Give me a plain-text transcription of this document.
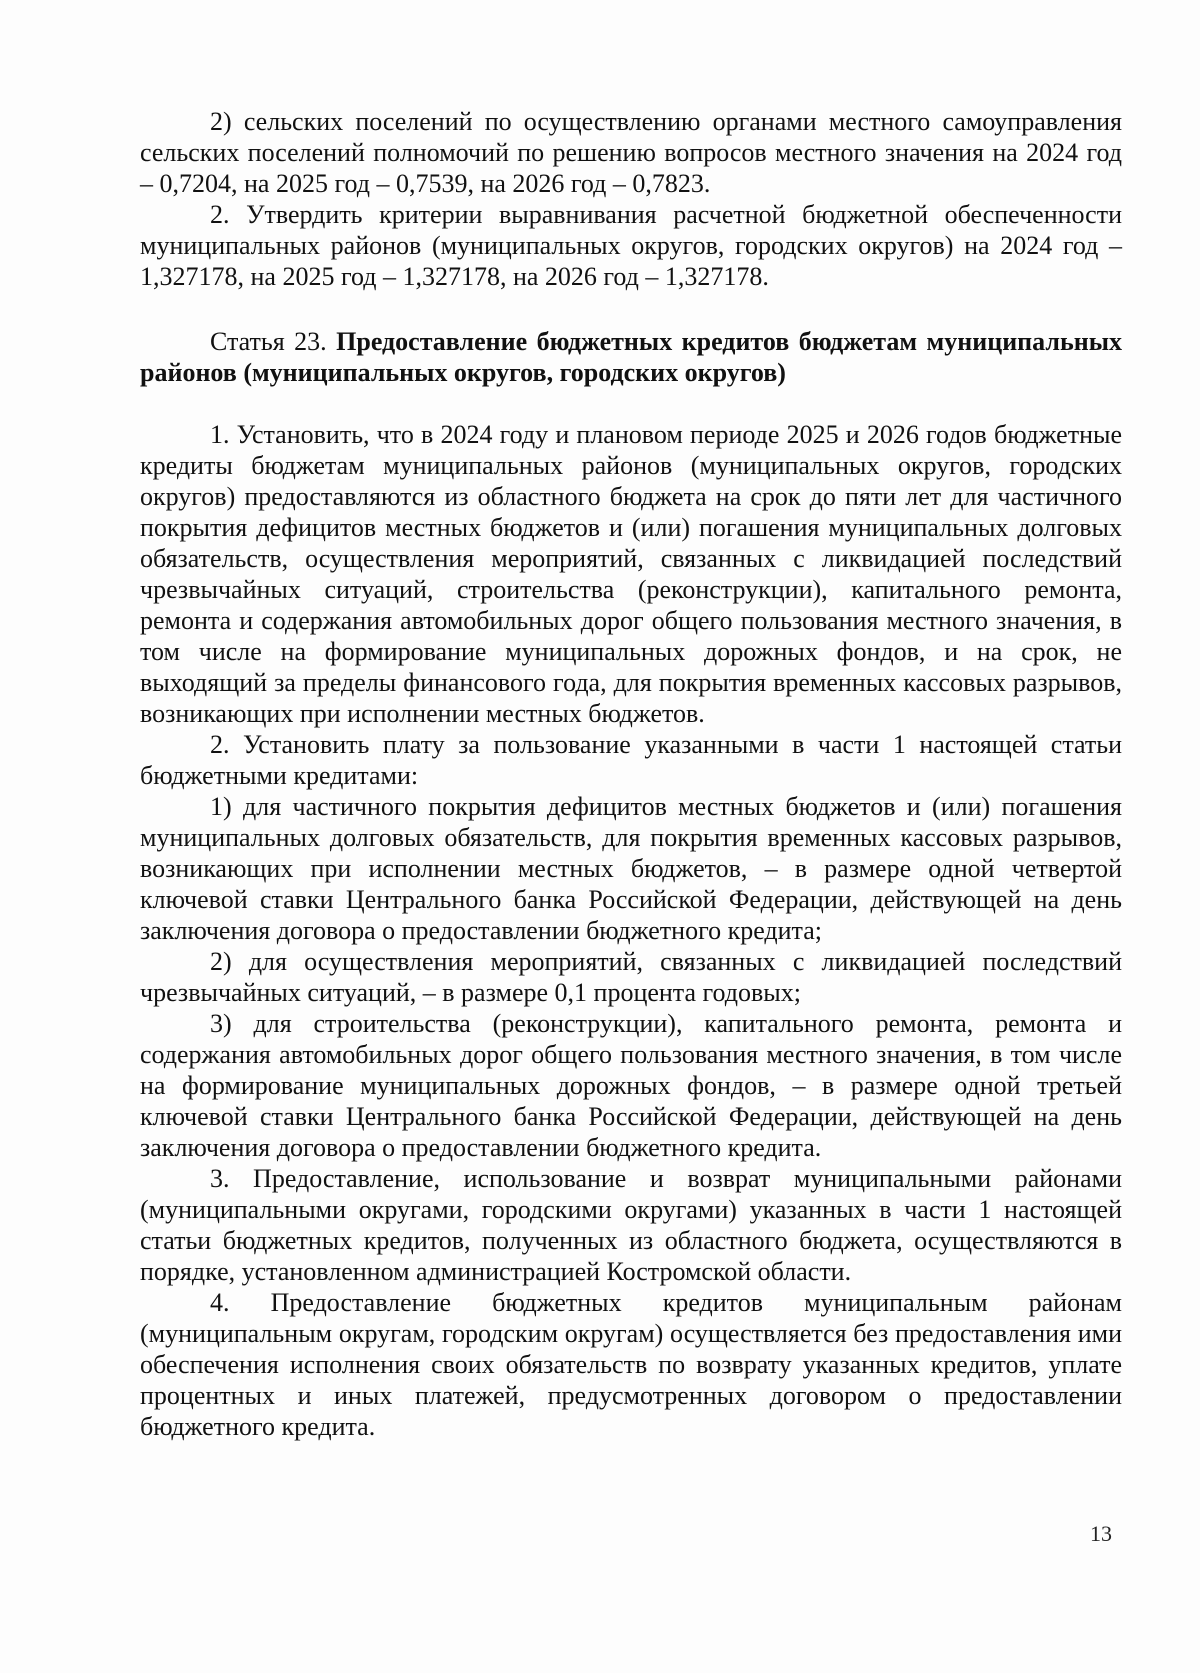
2) сельских поселений по осуществлению органами местного самоуправления сельских поселений полномочий по решению вопросов местного значения на 2024 год – 0,7204, на 2025 год – 0,7539, на 2026 год – 0,7823.

2. Утвердить критерии выравнивания расчетной бюджетной обеспеченности муниципальных районов (муниципальных округов, городских округов) на 2024 год – 1,327178, на 2025 год – 1,327178, на 2026 год – 1,327178.

Статья 23. Предоставление бюджетных кредитов бюджетам муниципальных районов (муниципальных округов, городских округов)

1. Установить, что в 2024 году и плановом периоде 2025 и 2026 годов бюджетные кредиты бюджетам муниципальных районов (муниципальных округов, городских округов) предоставляются из областного бюджета на срок до пяти лет для частичного покрытия дефицитов местных бюджетов и (или) погашения муниципальных долговых обязательств, осуществления мероприятий, связанных с ликвидацией последствий чрезвычайных ситуаций, строительства (реконструкции), капитального ремонта, ремонта и содержания автомобильных дорог общего пользования местного значения, в том числе на формирование муниципальных дорожных фондов, и на срок, не выходящий за пределы финансового года, для покрытия временных кассовых разрывов, возникающих при исполнении местных бюджетов.

2. Установить плату за пользование указанными в части 1 настоящей статьи бюджетными кредитами:

1) для частичного покрытия дефицитов местных бюджетов и (или) погашения муниципальных долговых обязательств, для покрытия временных кассовых разрывов, возникающих при исполнении местных бюджетов, – в размере одной четвертой ключевой ставки Центрального банка Российской Федерации, действующей на день заключения договора о предоставлении бюджетного кредита;

2) для осуществления мероприятий, связанных с ликвидацией последствий чрезвычайных ситуаций, – в размере 0,1 процента годовых;

3) для строительства (реконструкции), капитального ремонта, ремонта и содержания автомобильных дорог общего пользования местного значения, в том числе на формирование муниципальных дорожных фондов, – в размере одной третьей ключевой ставки Центрального банка Российской Федерации, действующей на день заключения договора о предоставлении бюджетного кредита.

3. Предоставление, использование и возврат муниципальными районами (муниципальными округами, городскими округами) указанных в части 1 настоящей статьи бюджетных кредитов, полученных из областного бюджета, осуществляются в порядке, установленном администрацией Костромской области.

4. Предоставление бюджетных кредитов муниципальным районам (муниципальным округам, городским округам) осуществляется без предоставления ими обеспечения исполнения своих обязательств по возврату указанных кредитов, уплате процентных и иных платежей, предусмотренных договором о предоставлении бюджетного кредита.

13
